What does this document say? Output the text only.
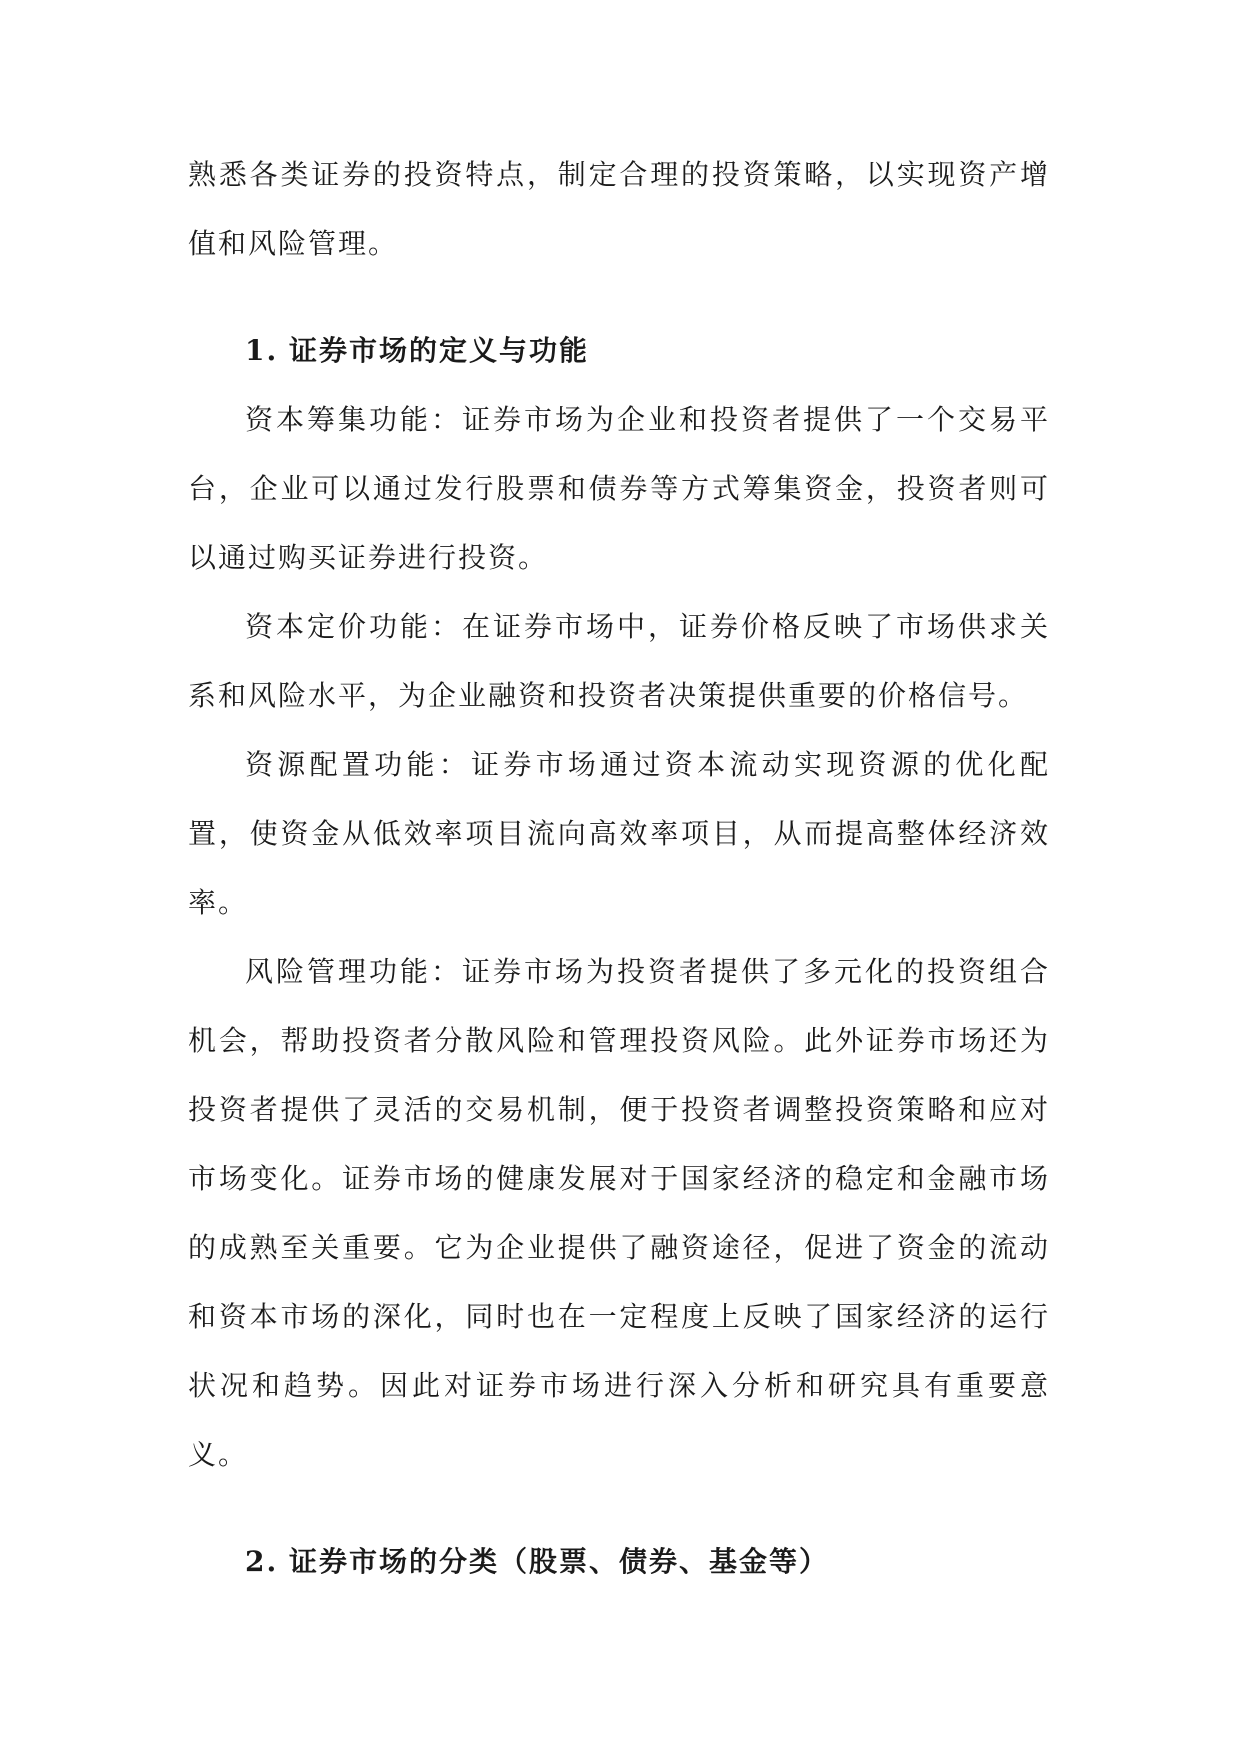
熟悉各类证券的投资特点，制定合理的投资策略，以实现资产增值和风险管理。

1. 证券市场的定义与功能

资本筹集功能：证券市场为企业和投资者提供了一个交易平台，企业可以通过发行股票和债券等方式筹集资金，投资者则可以通过购买证券进行投资。

资本定价功能：在证券市场中，证券价格反映了市场供求关系和风险水平，为企业融资和投资者决策提供重要的价格信号。

资源配置功能：证券市场通过资本流动实现资源的优化配置，使资金从低效率项目流向高效率项目，从而提高整体经济效率。

风险管理功能：证券市场为投资者提供了多元化的投资组合机会，帮助投资者分散风险和管理投资风险。此外证券市场还为投资者提供了灵活的交易机制，便于投资者调整投资策略和应对市场变化。证券市场的健康发展对于国家经济的稳定和金融市场的成熟至关重要。它为企业提供了融资途径，促进了资金的流动和资本市场的深化，同时也在一定程度上反映了国家经济的运行状况和趋势。因此对证券市场进行深入分析和研究具有重要意义。

2. 证券市场的分类（股票、债券、基金等）
